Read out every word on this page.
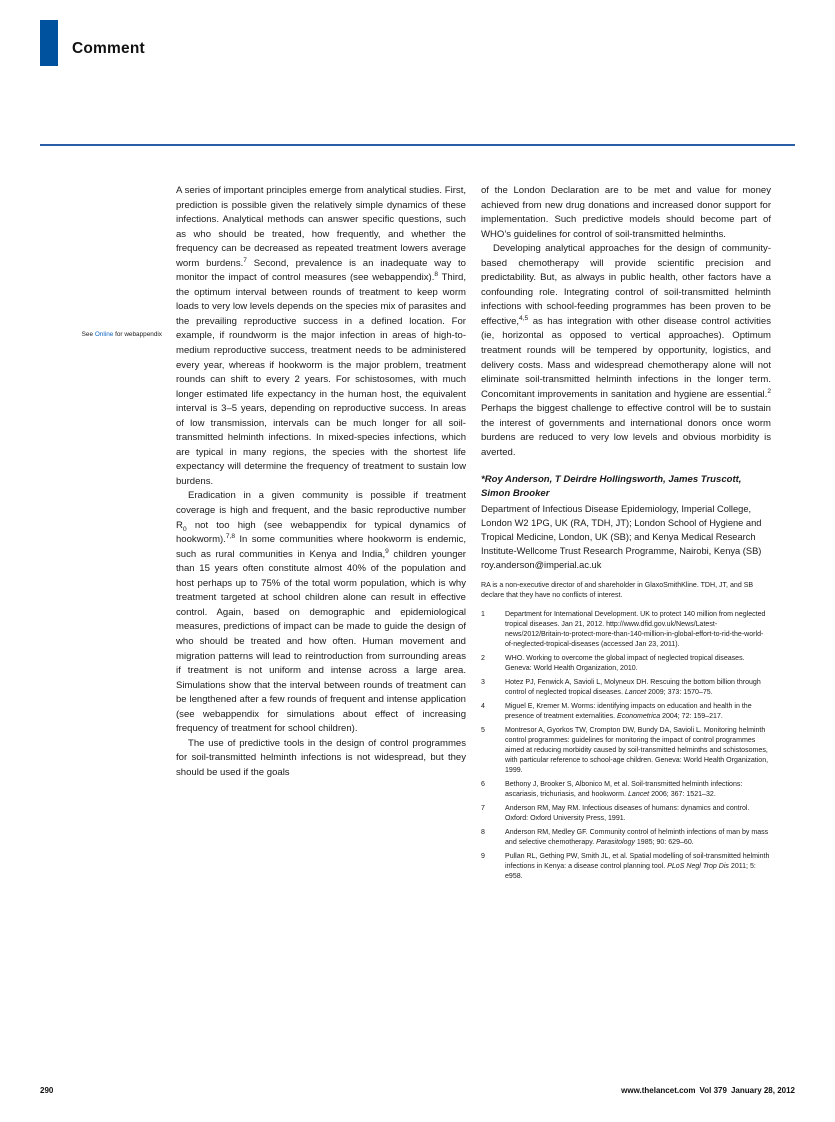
Comment
See Online for webappendix

A series of important principles emerge from analytical studies. First, prediction is possible given the relatively simple dynamics of these infections. Analytical methods can answer specific questions, such as who should be treated, how frequently, and whether the frequency can be decreased as repeated treatment lowers average worm burdens.$^7$ Second, prevalence is an inadequate way to monitor the impact of control measures (see webappendix).$^8$ Third, the optimum interval between rounds of treatment to keep worm loads to very low levels depends on the species mix of parasites and the prevailing reproductive success in a defined location. For example, if roundworm is the major infection in areas of high-to-medium reproductive success, treatment needs to be administered every year, whereas if hookworm is the major problem, treatment rounds can shift to every 2 years. For schistosomes, with much longer estimated life expectancy in the human host, the equivalent interval is 3–5 years, depending on reproductive success. In areas of low transmission, intervals can be much longer for all soil-transmitted helminth infections. In mixed-species infections, which are typical in many regions, the species with the shortest life expectancy will determine the frequency of treatment to sustain low burdens.

Eradication in a given community is possible if treatment coverage is high and frequent, and the basic reproductive number $R_0$ not too high (see webappendix for typical dynamics of hookworm).$^{7,8}$ In some communities where hookworm is endemic, such as rural communities in Kenya and India,$^9$ children younger than 15 years often constitute almost 40% of the population and host perhaps up to 75% of the total worm population, which is why treatment targeted at school children alone can result in effective control. Again, based on demographic and epidemiological measures, predictions of impact can be made to guide the design of who should be treated and how often. Human movement and migration patterns will lead to reintroduction from surrounding areas if treatment is not uniform and intense across a large area. Simulations show that the interval between rounds of treatment can be lengthened after a few rounds of frequent and intense application (see webappendix for simulations about effect of increasing frequency of treatment for school children).

The use of predictive tools in the design of control programmes for soil-transmitted helminth infections is not widespread, but they should be used if the goals

of the London Declaration are to be met and value for money achieved from new drug donations and increased donor support for implementation. Such predictive models should become part of WHO’s guidelines for control of soil-transmitted helminths.

Developing analytical approaches for the design of community-based chemotherapy will provide scientific precision and predictability. But, as always in public health, other factors have a confounding role. Integrating control of soil-transmitted helminth infections with school-feeding programmes has been proven to be effective,$^{4,5}$ as has integration with other disease control activities (ie, horizontal as opposed to vertical approaches). Optimum treatment rounds will be tempered by opportunity, logistics, and delivery costs. Mass and widespread chemotherapy alone will not eliminate soil-transmitted helminth infections in the longer term. Concomitant improvements in sanitation and hygiene are essential.$^2$ Perhaps the biggest challenge to effective control will be to sustain the interest of governments and international donors once worm burdens are reduced to very low levels and obvious morbidity is averted.

*Roy Anderson, T Deirdre Hollingsworth, James Truscott, Simon Brooker
Department of Infectious Disease Epidemiology, Imperial College, London W2 1PG, UK (RA, TDH, JT); London School of Hygiene and Tropical Medicine, London, UK (SB); and Kenya Medical Research Institute-Wellcome Trust Research Programme, Nairobi, Kenya (SB)
roy.anderson@imperial.ac.uk
RA is a non-executive director of and shareholder in GlaxoSmithKline. TDH, JT, and SB declare that they have no conflicts of interest.
1	Department for International Development. UK to protect 140 million from neglected tropical diseases. Jan 21, 2012. http://www.dfid.gov.uk/News/Latest-news/2012/Britain-to-protect-more-than-140-million-in-global-effort-to-rid-the-world-of-neglected-tropical-diseases (accessed Jan 23, 2011).
2	WHO. Working to overcome the global impact of neglected tropical diseases. Geneva: World Health Organization, 2010.
3	Hotez PJ, Fenwick A, Savioli L, Molyneux DH. Rescuing the bottom billion through control of neglected tropical diseases. Lancet 2009; 373: 1570–75.
4	Miguel E, Kremer M. Worms: identifying impacts on education and health in the presence of treatment externalities. Econometrica 2004; 72: 159–217.
5	Montresor A, Gyorkos TW, Crompton DW, Bundy DA, Savioli L. Monitoring helminth control programmes: guidelines for monitoring the impact of control programmes aimed at reducing morbidity caused by soil-transmitted helminths and schistosomes, with particular reference to school-age children. Geneva: World Health Organization, 1999.
6	Bethony J, Brooker S, Albonico M, et al. Soil-transmitted helminth infections: ascariasis, trichuriasis, and hookworm. Lancet 2006; 367: 1521–32.
7	Anderson RM, May RM. Infectious diseases of humans: dynamics and control. Oxford: Oxford University Press, 1991.
8	Anderson RM, Medley GF. Community control of helminth infections of man by mass and selective chemotherapy. Parasitology 1985; 90: 629–60.
9	Pullan RL, Gething PW, Smith JL, et al. Spatial modelling of soil-transmitted helminth infections in Kenya: a disease control planning tool. PLoS Negl Trop Dis 2011; 5: e958.
290	www.thelancet.com Vol 379 January 28, 2012
